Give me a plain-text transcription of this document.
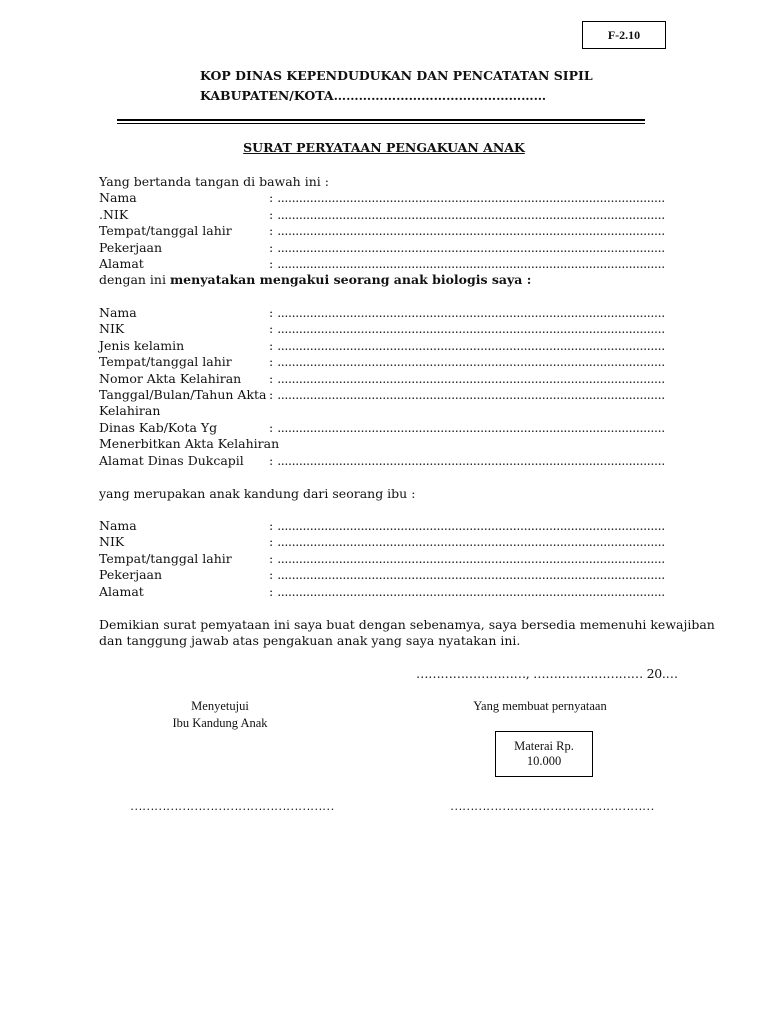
F-2.10
KOP DINAS KEPENDUDUKAN DAN PENCATATAN SIPIL
KABUPATEN/KOTA……………………………………………
SURAT PERYATAAN PENGAKUAN ANAK
Yang bertanda tangan di bawah ini :
Nama	: .....
.NIK	: .....
Tempat/tanggal lahir	: .....
Pekerjaan	: .....
Alamat	: .....
dengan ini menyatakan mengakui seorang anak biologis saya :
Nama	: .....
NIK	: .....
Jenis kelamin	: .....
Tempat/tanggal lahir	: .....
Nomor Akta Kelahiran : .....
Tanggal/Bulan/Tahun Akta : .....
Kelahiran
Dinas Kab/Kota Yg	: .....
Menerbitkan Akta Kelahiran
Alamat Dinas Dukcapil : .....
yang merupakan anak kandung dari seorang ibu :
Nama	: .....
NIK	: .....
Tempat/tanggal lahir	: .....
Pekerjaan	: .....
Alamat	: .....
Demikian surat pemyataan ini saya buat dengan sebenamya, saya bersedia memenuhi kewajiban
dan tanggung jawab atas pengakuan anak yang saya nyatakan ini.
………………………, ……………………… 20.…
Menyetujui
Ibu Kandung Anak
Yang membuat pernyataan
Materai Rp.
10.000
……………………………………………	……………………………………………
